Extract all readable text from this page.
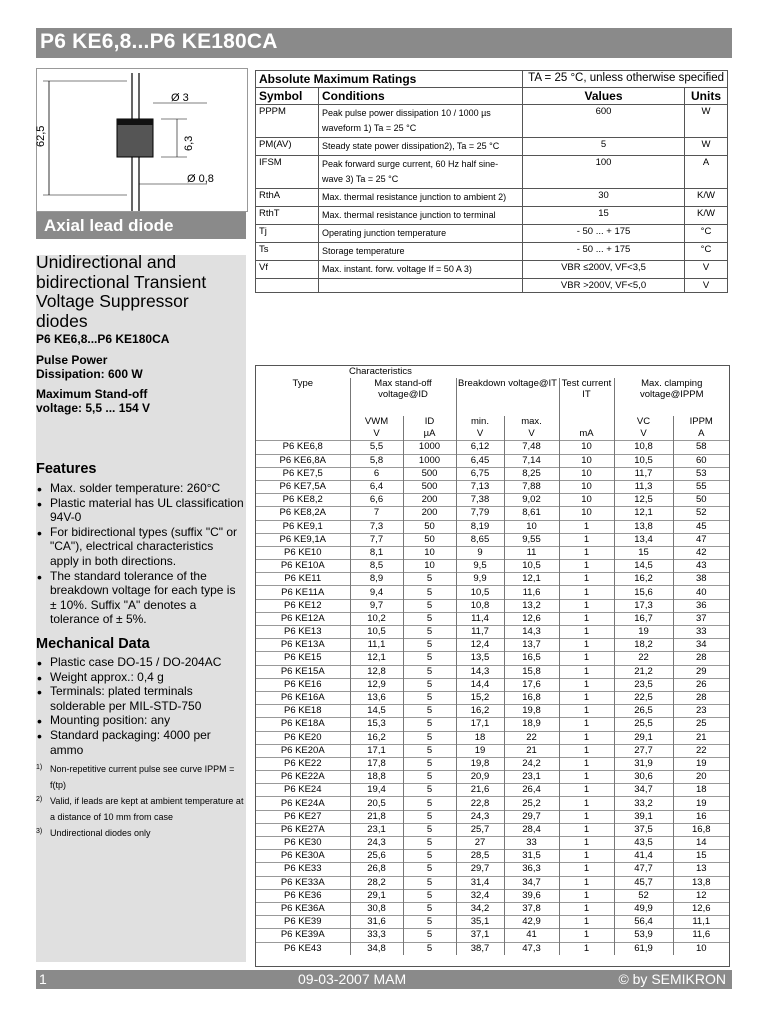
P6 KE6,8...P6 KE180CA
62,5
Ø 3
6,3
Ø 0,8
Axial lead diode
Unidirectional and bidirectional Transient Voltage Suppressor diodes
P6 KE6,8...P6 KE180CA
Pulse Power Dissipation: 600 W
Maximum Stand-off voltage: 5,5 ... 154 V
Features
• Max. solder temperature: 260°C
• Plastic material has UL classification 94V-0
• For bidirectional types (suffix "C" or "CA"), electrical characteristics apply in both directions.
• The standard tolerance of the breakdown voltage for each type is ± 10%. Suffix "A" denotes a tolerance of ± 5%.
Mechanical Data
• Plastic case DO-15 / DO-204AC
• Weight approx.: 0,4 g
• Terminals: plated terminals solderable per MIL-STD-750
• Mounting position: any
• Standard packaging: 4000 per ammo
1) Non-repetitive current pulse see curve IPPM = f(tp)
2) Valid, if leads are kept at ambient temperature at a distance of 10 mm from case
3) Undirectional diodes only
Absolute Maximum Ratings		TA = 25 °C, unless otherwise specified	
Symbol	Conditions	Values	Units
PPPM	Peak pulse power dissipation 10 / 1000 µs waveform 1) Ta = 25 °C	600	W
PM(AV)	Steady state power dissipation2), Ta = 25 °C	5	W
IFSM	Peak forward surge current, 60 Hz half sine-wave 3) Ta = 25 °C	100	A
RthA	Max. thermal resistance junction to ambient 2)	30	K/W
RthT	Max. thermal resistance junction to terminal	15	K/W
Tj	Operating junction temperature	- 50 ... + 175	°C
Ts	Storage temperature	- 50 ... + 175	°C
Vf	Max. instant. forw. voltage If = 50 A 3)	VBR ≤200V, VF<3,5	V
		VBR >200V, VF<5,0	V
Characteristics							
Type	Max stand-off voltage@ID		Breakdown voltage@IT		Test current IT	Max. clamping voltage@IPPM	
	VWM	ID	min.	max.		VC	IPPM
	V	µA	V	V	mA	V	A
P6 KE6,8	5,5	1000	6,12	7,48	10	10,8	58
P6 KE6,8A	5,8	1000	6,45	7,14	10	10,5	60
P6 KE7,5	6	500	6,75	8,25	10	11,7	53
P6 KE7,5A	6,4	500	7,13	7,88	10	11,3	55
P6 KE8,2	6,6	200	7,38	9,02	10	12,5	50
P6 KE8,2A	7	200	7,79	8,61	10	12,1	52
P6 KE9,1	7,3	50	8,19	10	1	13,8	45
P6 KE9,1A	7,7	50	8,65	9,55	1	13,4	47
P6 KE10	8,1	10	9	11	1	15	42
P6 KE10A	8,5	10	9,5	10,5	1	14,5	43
P6 KE11	8,9	5	9,9	12,1	1	16,2	38
P6 KE11A	9,4	5	10,5	11,6	1	15,6	40
P6 KE12	9,7	5	10,8	13,2	1	17,3	36
P6 KE12A	10,2	5	11,4	12,6	1	16,7	37
P6 KE13	10,5	5	11,7	14,3	1	19	33
P6 KE13A	11,1	5	12,4	13,7	1	18,2	34
P6 KE15	12,1	5	13,5	16,5	1	22	28
P6 KE15A	12,8	5	14,3	15,8	1	21,2	29
P6 KE16	12,9	5	14,4	17,6	1	23,5	26
P6 KE16A	13,6	5	15,2	16,8	1	22,5	28
P6 KE18	14,5	5	16,2	19,8	1	26,5	23
P6 KE18A	15,3	5	17,1	18,9	1	25,5	25
P6 KE20	16,2	5	18	22	1	29,1	21
P6 KE20A	17,1	5	19	21	1	27,7	22
P6 KE22	17,8	5	19,8	24,2	1	31,9	19
P6 KE22A	18,8	5	20,9	23,1	1	30,6	20
P6 KE24	19,4	5	21,6	26,4	1	34,7	18
P6 KE24A	20,5	5	22,8	25,2	1	33,2	19
P6 KE27	21,8	5	24,3	29,7	1	39,1	16
P6 KE27A	23,1	5	25,7	28,4	1	37,5	16,8
P6 KE30	24,3	5	27	33	1	43,5	14
P6 KE30A	25,6	5	28,5	31,5	1	41,4	15
P6 KE33	26,8	5	29,7	36,3	1	47,7	13
P6 KE33A	28,2	5	31,4	34,7	1	45,7	13,8
P6 KE36	29,1	5	32,4	39,6	1	52	12
P6 KE36A	30,8	5	34,2	37,8	1	49,9	12,6
P6 KE39	31,6	5	35,1	42,9	1	56,4	11,1
P6 KE39A	33,3	5	37,1	41	1	53,9	11,6
P6 KE43	34,8	5	38,7	47,3	1	61,9	10
1	09-03-2007 MAM	© by SEMIKRON
